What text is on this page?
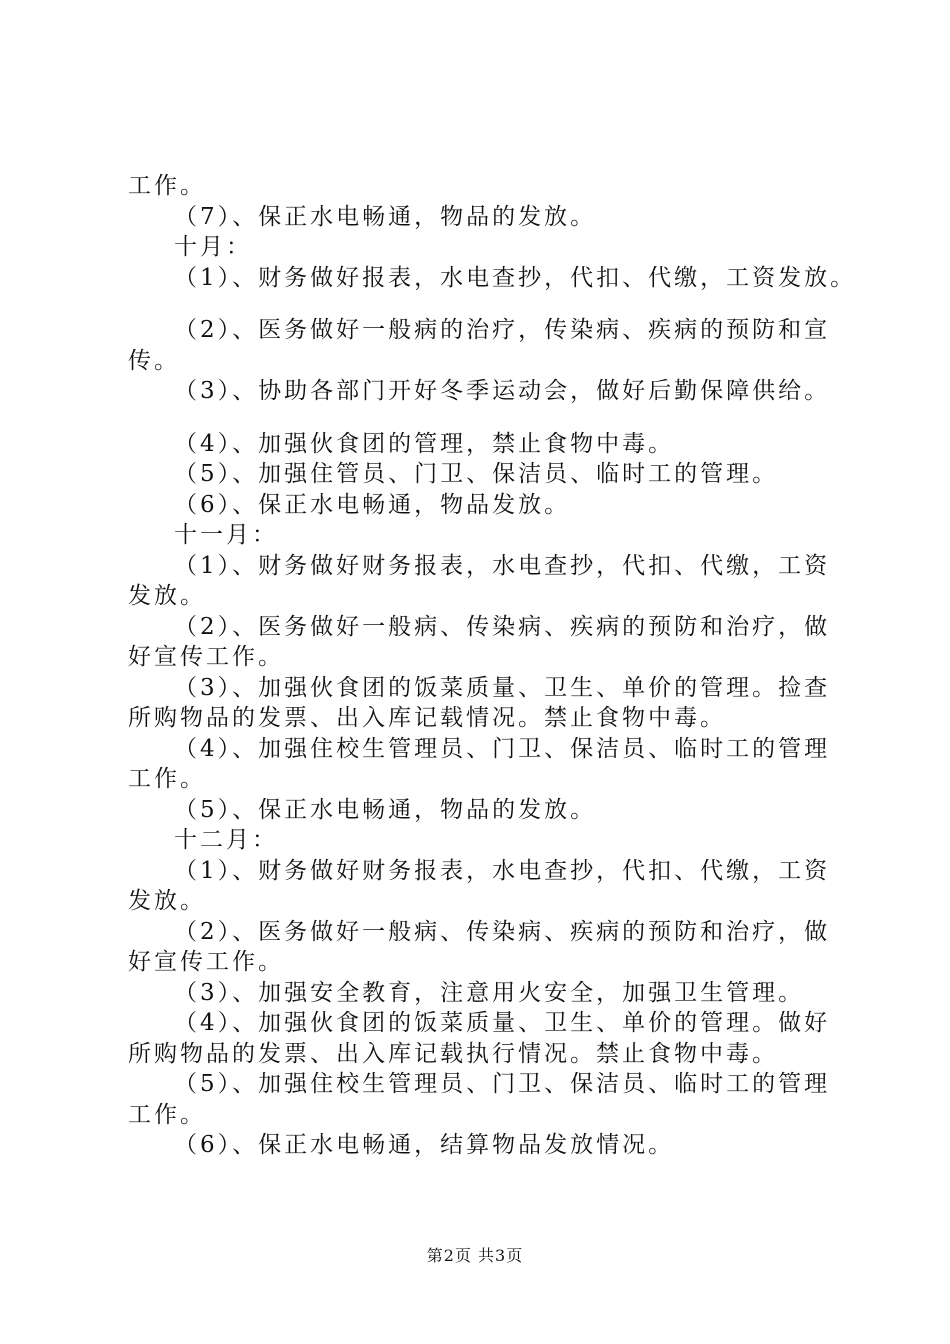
工作。
（7）、保正水电畅通，物品的发放。
十月：
（1）、财务做好报表，水电查抄，代扣、代缴，工资发放。
（2）、医务做好一般病的治疗，传染病、疾病的预防和宣
传。
（3）、协助各部门开好冬季运动会，做好后勤保障供给。
（4）、加强伙食团的管理，禁止食物中毒。
（5）、加强住管员、门卫、保洁员、临时工的管理。
（6）、保正水电畅通，物品发放。
十一月：
（1）、财务做好财务报表，水电查抄，代扣、代缴，工资
发放。
（2）、医务做好一般病、传染病、疾病的预防和治疗，做
好宣传工作。
（3）、加强伙食团的饭菜质量、卫生、单价的管理。捡查
所购物品的发票、出入库记载情况。禁止食物中毒。
（4）、加强住校生管理员、门卫、保洁员、临时工的管理
工作。
（5）、保正水电畅通，物品的发放。
十二月：
（1）、财务做好财务报表，水电查抄，代扣、代缴，工资
发放。
（2）、医务做好一般病、传染病、疾病的预防和治疗，做
好宣传工作。
（3）、加强安全教育，注意用火安全，加强卫生管理。
（4）、加强伙食团的饭菜质量、卫生、单价的管理。做好
所购物品的发票、出入库记载执行情况。禁止食物中毒。
（5）、加强住校生管理员、门卫、保洁员、临时工的管理
工作。
（6）、保正水电畅通，结算物品发放情况。
第2页 共3页
